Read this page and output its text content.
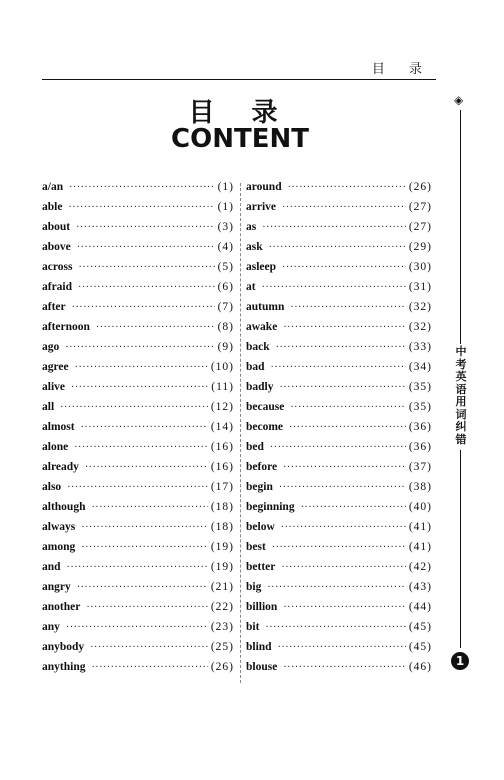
目 录
目 录
CONTENT
a/an ·····	(1)
able ·····	(1)
about ·····	(3)
above ·····	(4)
across ·····	(5)
afraid ·····	(6)
after ·····	(7)
afternoon ·····	(8)
ago ·····	(9)
agree ·····	(10)
alive ·····	(11)
all ·····	(12)
almost ·····	(14)
alone ·····	(16)
already ·····	(16)
also ·····	(17)
although ·····	(18)
always ·····	(18)
among ·····	(19)
and ·····	(19)
angry ·····	(21)
another ·····	(22)
any ·····	(23)
anybody ·····	(25)
anything ·····	(26)
around ·····	(26)
arrive ·····	(27)
as ·····	(27)
ask ·····	(29)
asleep ·····	(30)
at ·····	(31)
autumn ·····	(32)
awake ·····	(32)
back ·····	(33)
bad ·····	(34)
badly ·····	(35)
because ·····	(35)
become ·····	(36)
bed ·····	(36)
before ·····	(37)
begin ·····	(38)
beginning ·····	(40)
below ·····	(41)
best ·····	(41)
better ·····	(42)
big ·····	(43)
billion ·····	(44)
bit ·····	(45)
blind ·····	(45)
blouse ·····	(46)
◈
中考英语用词纠错
1
